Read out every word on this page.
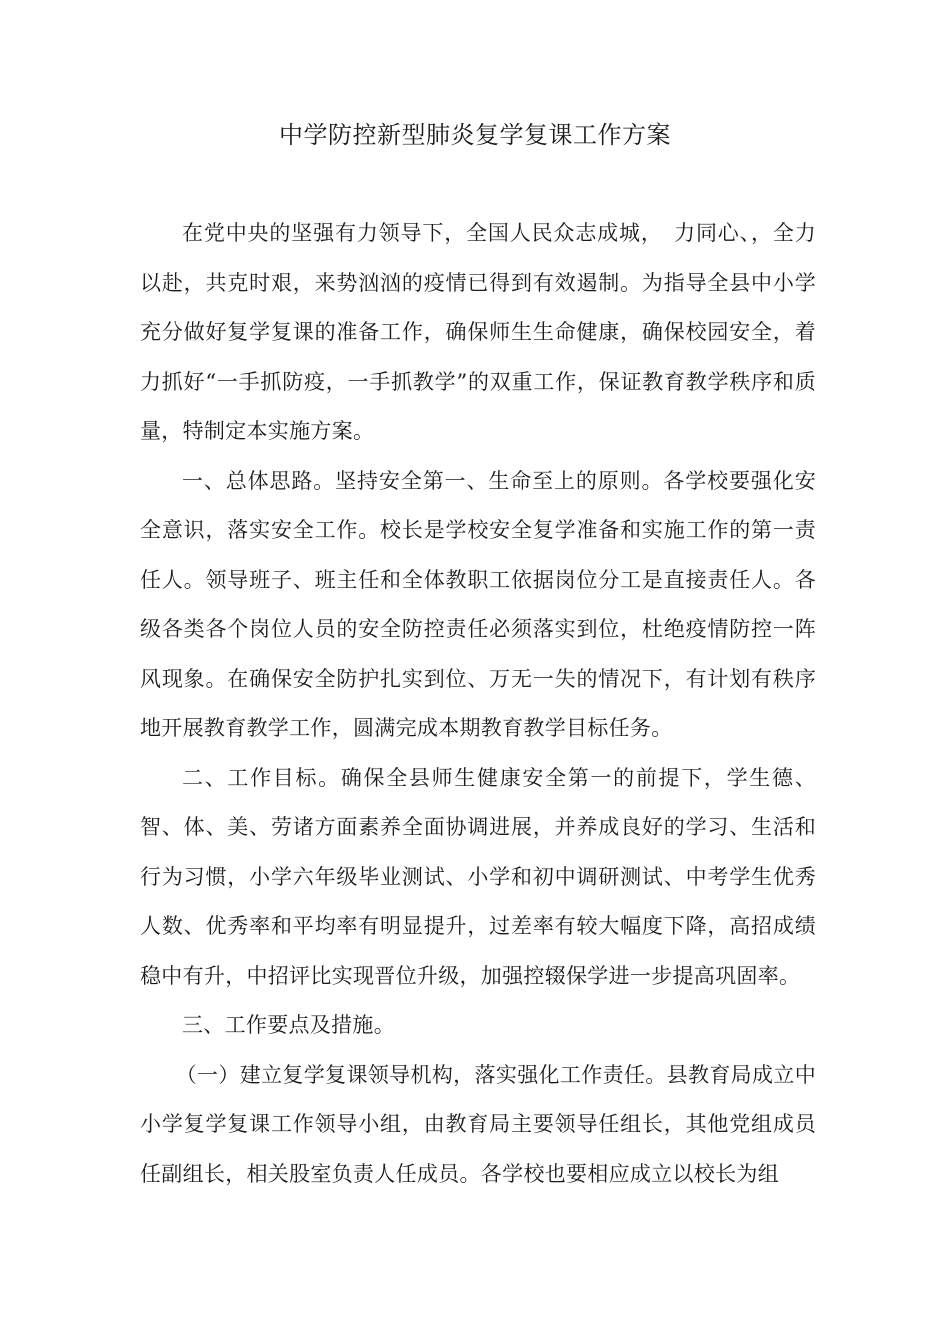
中学防控新型肺炎复学复课工作方案

在党中央的坚强有力领导下，全国人民众志成城，　力同心、，全力以赴，共克时艰，来势汹汹的疫情已得到有效遏制。为指导全县中小学充分做好复学复课的准备工作，确保师生生命健康，确保校园安全，着力抓好“一手抓防疫，一手抓教学”的双重工作，保证教育教学秩序和质量，特制定本实施方案。

一、总体思路。坚持安全第一、生命至上的原则。各学校要强化安全意识，落实安全工作。校长是学校安全复学准备和实施工作的第一责任人。领导班子、班主任和全体教职工依据岗位分工是直接责任人。各级各类各个岗位人员的安全防控责任必须落实到位，杜绝疫情防控一阵风现象。在确保安全防护扎实到位、万无一失的情况下，有计划有秩序地开展教育教学工作，圆满完成本期教育教学目标任务。

二、工作目标。确保全县师生健康安全第一的前提下，学生德、智、体、美、劳诸方面素养全面协调进展，并养成良好的学习、生活和行为习惯，小学六年级毕业测试、小学和初中调研测试、中考学生优秀人数、优秀率和平均率有明显提升，过差率有较大幅度下降，高招成绩稳中有升，中招评比实现晋位升级，加强控辍保学进一步提高巩固率。

三、工作要点及措施。

（一）建立复学复课领导机构，落实强化工作责任。县教育局成立中小学复学复课工作领导小组，由教育局主要领导任组长，其他党组成员任副组长，相关股室负责人任成员。各学校也要相应成立以校长为组
